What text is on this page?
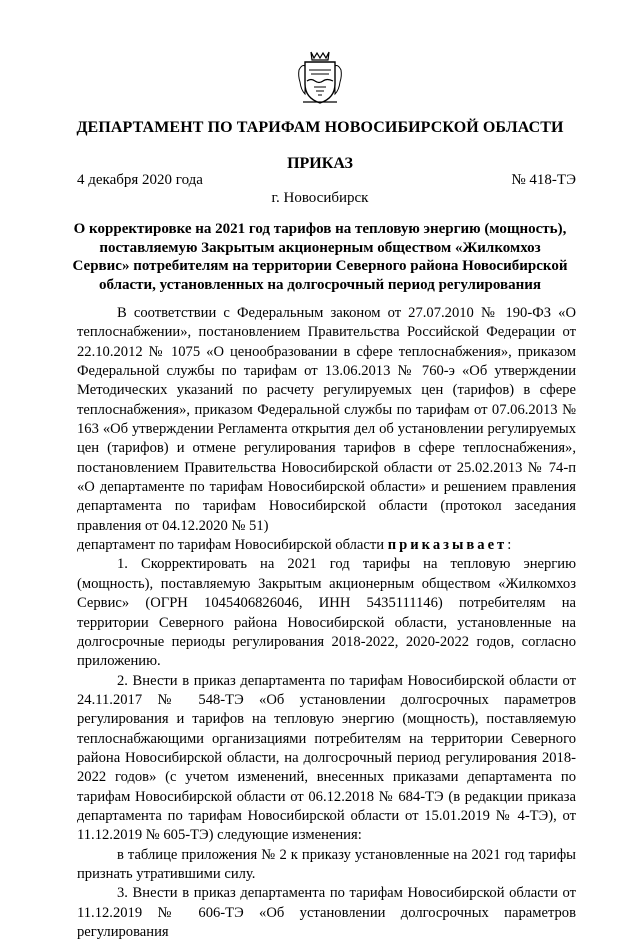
ДЕПАРТАМЕНТ ПО ТАРИФАМ НОВОСИБИРСКОЙ ОБЛАСТИ
ПРИКАЗ
4 декабря 2020 года	№ 418-ТЭ
г. Новосибирск
О корректировке на 2021 год тарифов на тепловую энергию (мощность), поставляемую Закрытым акционерным обществом «Жилкомхоз Сервис» потребителям на территории Северного района Новосибирской области, установленных на долгосрочный период регулирования

В соответствии с Федеральным законом от 27.07.2010 № 190-ФЗ «О теплоснабжении», постановлением Правительства Российской Федерации от 22.10.2012 № 1075 «О ценообразовании в сфере теплоснабжения», приказом Федеральной службы по тарифам от 13.06.2013 № 760-э «Об утверждении Методических указаний по расчету регулируемых цен (тарифов) в сфере теплоснабжения», приказом Федеральной службы по тарифам от 07.06.2013 № 163 «Об утверждении Регламента открытия дел об установлении регулируемых цен (тарифов) и отмене регулирования тарифов в сфере теплоснабжения», постановлением Правительства Новосибирской области от 25.02.2013 № 74-п «О департаменте по тарифам Новосибирской области» и решением правления департамента по тарифам Новосибирской области (протокол заседания правления от 04.12.2020 № 51)

департамент по тарифам Новосибирской области приказывает:

1. Скорректировать на 2021 год тарифы на тепловую энергию (мощность), поставляемую Закрытым акционерным обществом «Жилкомхоз Сервис» (ОГРН 1045406826046, ИНН 5435111146) потребителям на территории Северного района Новосибирской области, установленные на долгосрочные периоды регулирования 2018-2022, 2020-2022 годов, согласно приложению.

2. Внести в приказ департамента по тарифам Новосибирской области от 24.11.2017 № 548-ТЭ «Об установлении долгосрочных параметров регулирования и тарифов на тепловую энергию (мощность), поставляемую теплоснабжающими организациями потребителям на территории Северного района Новосибирской области, на долгосрочный период регулирования 2018-2022 годов» (с учетом изменений, внесенных приказами департамента по тарифам Новосибирской области от 06.12.2018 № 684-ТЭ (в редакции приказа департамента по тарифам Новосибирской области от 15.01.2019 № 4-ТЭ), от 11.12.2019 № 605-ТЭ) следующие изменения:

в таблице приложения № 2 к приказу установленные на 2021 год тарифы признать утратившими силу.

3. Внести в приказ департамента по тарифам Новосибирской области от 11.12.2019 № 606-ТЭ «Об установлении долгосрочных параметров регулирования
